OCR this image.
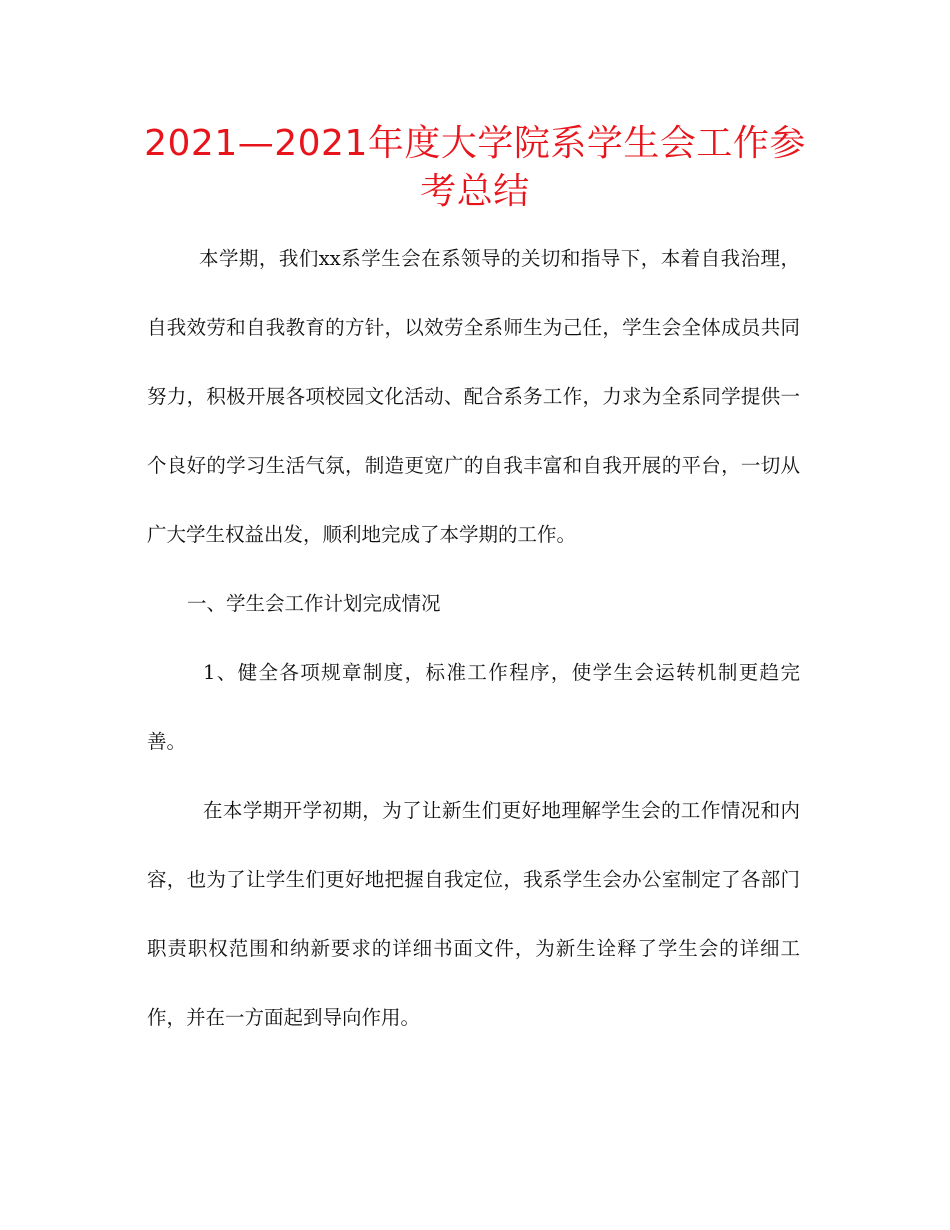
2021—2021年度大学院系学生会工作参考总结

本学期，我们xx系学生会在系领导的关切和指导下，本着自我治理，自我效劳和自我教育的方针，以效劳全系师生为己任，学生会全体成员共同努力，积极开展各项校园文化活动、配合系务工作，力求为全系同学提供一个良好的学习生活气氛，制造更宽广的自我丰富和自我开展的平台，一切从广大学生权益出发，顺利地完成了本学期的工作。

一、学生会工作计划完成情况

1、健全各项规章制度，标准工作程序，使学生会运转机制更趋完善。

在本学期开学初期，为了让新生们更好地理解学生会的工作情况和内容，也为了让学生们更好地把握自我定位，我系学生会办公室制定了各部门职责职权范围和纳新要求的详细书面文件，为新生诠释了学生会的详细工作，并在一方面起到导向作用。
